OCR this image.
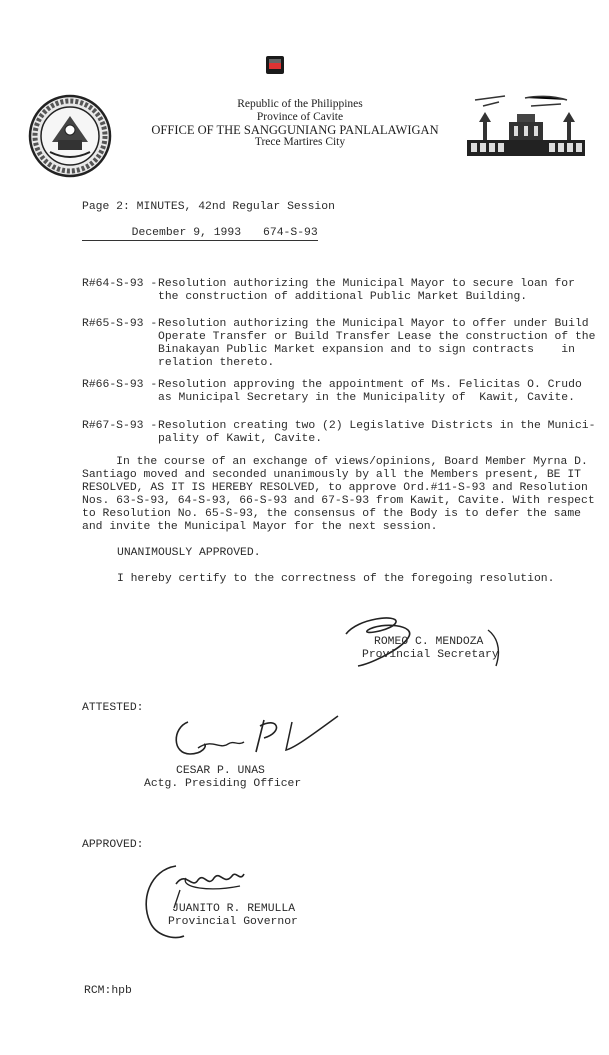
Republic of the Philippines
Province of Cavite
OFFICE OF THE SANGGUNIANG PANLALAWIGAN
Trece Martires City
Page 2: MINUTES, 42nd Regular Session

December 9, 1993 674-S-93
R#64-S-93 - Resolution authorizing the Municipal Mayor to secure loan for
the construction of additional Public Market Building.
R#65-S-93 - Resolution authorizing the Municipal Mayor to offer under Build
Operate Transfer or Build Transfer Lease the construction of the
Binakayan Public Market expansion and to sign contracts    in
relation thereto.
R#66-S-93 - Resolution approving the appointment of Ms. Felicitas O. Crudo
as Municipal Secretary in the Municipality of  Kawit, Cavite.
R#67-S-93 - Resolution creating two (2) Legislative Districts in the Munici-
pality of Kawit, Cavite.
In the course of an exchange of views/opinions, Board Member Myrna D.
Santiago moved and seconded unanimously by all the Members present, BE IT
RESOLVED, AS IT IS HEREBY RESOLVED, to approve Ord.#11-S-93 and Resolution
Nos. 63-S-93, 64-S-93, 66-S-93 and 67-S-93 from Kawit, Cavite. With respect
to Resolution No. 65-S-93, the consensus of the Body is to defer the same
and invite the Municipal Mayor for the next session.
UNANIMOUSLY APPROVED.
I hereby certify to the correctness of the foregoing resolution.
ROMEO C. MENDOZA
Provincial Secretary
ATTESTED:
CESAR P. UNAS
Actg. Presiding Officer
APPROVED:
JUANITO R. REMULLA
Provincial Governor
RCM:hpb
